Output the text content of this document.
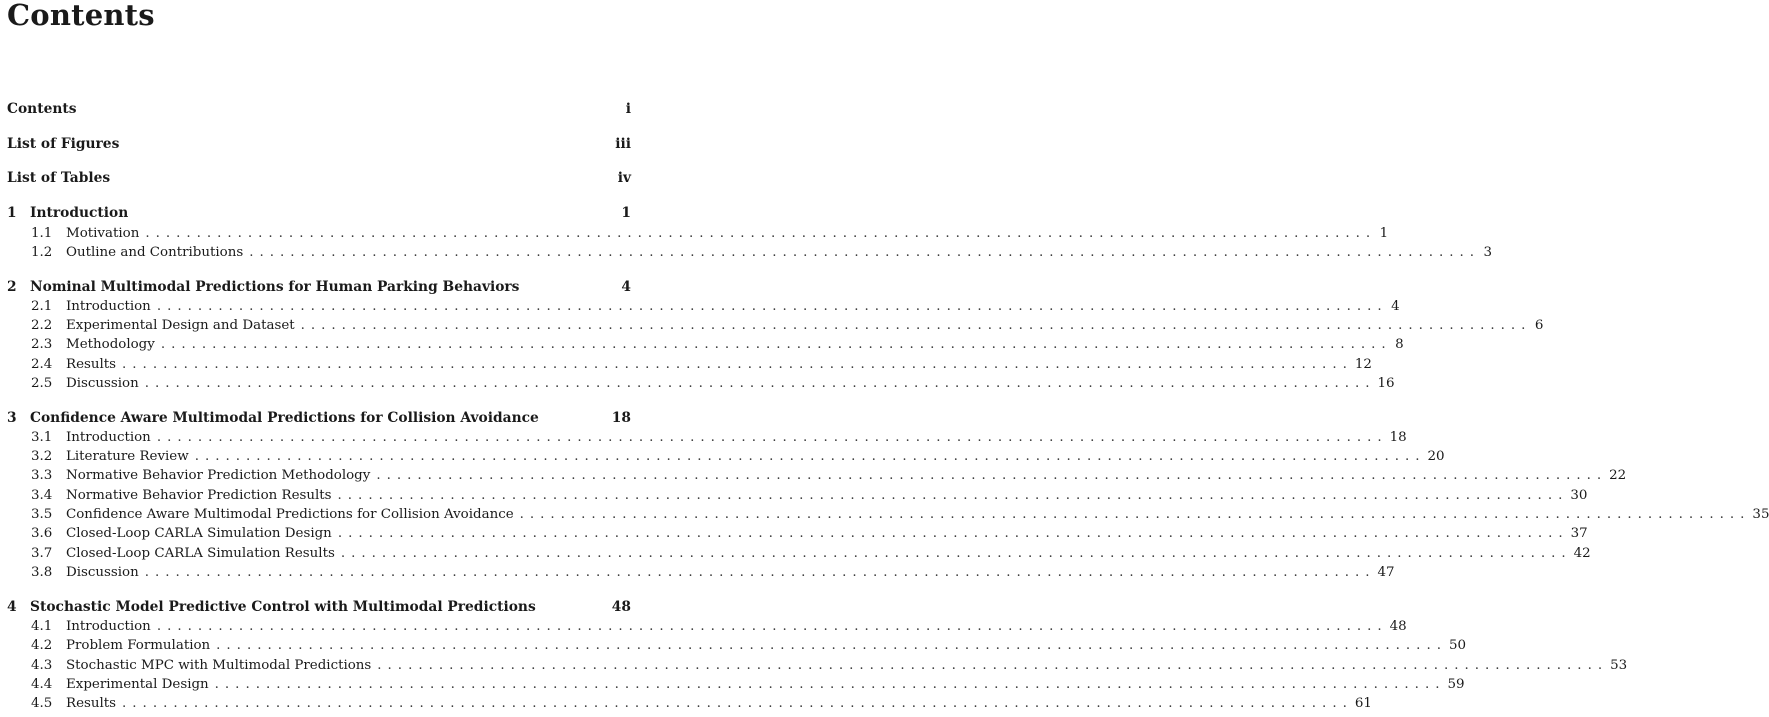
Contents
Contents	i
List of Figures	iii
List of Tables	iv
1 Introduction	1
1.1	Motivation ........................................................................................................................ 1
1.2	Outline and Contributions ........................................................................................................................ 3
2 Nominal Multimodal Predictions for Human Parking Behaviors	4
2.1	Introduction ........................................................................................................................ 4
2.2	Experimental Design and Dataset ........................................................................................................................ 6
2.3	Methodology ........................................................................................................................ 8
2.4	Results ........................................................................................................................ 12
2.5	Discussion ........................................................................................................................ 16
3 Confidence Aware Multimodal Predictions for Collision Avoidance	18
3.1	Introduction ........................................................................................................................ 18
3.2	Literature Review ........................................................................................................................ 20
3.3	Normative Behavior Prediction Methodology ........................................................................................................................ 22
3.4	Normative Behavior Prediction Results ........................................................................................................................ 30
3.5	Confidence Aware Multimodal Predictions for Collision Avoidance ........................................................................................................................ 35
3.6	Closed-Loop CARLA Simulation Design ........................................................................................................................ 37
3.7	Closed-Loop CARLA Simulation Results ........................................................................................................................ 42
3.8	Discussion ........................................................................................................................ 47
4 Stochastic Model Predictive Control with Multimodal Predictions	48
4.1	Introduction ........................................................................................................................ 48
4.2	Problem Formulation ........................................................................................................................ 50
4.3	Stochastic MPC with Multimodal Predictions ........................................................................................................................ 53
4.4	Experimental Design ........................................................................................................................ 59
4.5	Results ........................................................................................................................ 61
